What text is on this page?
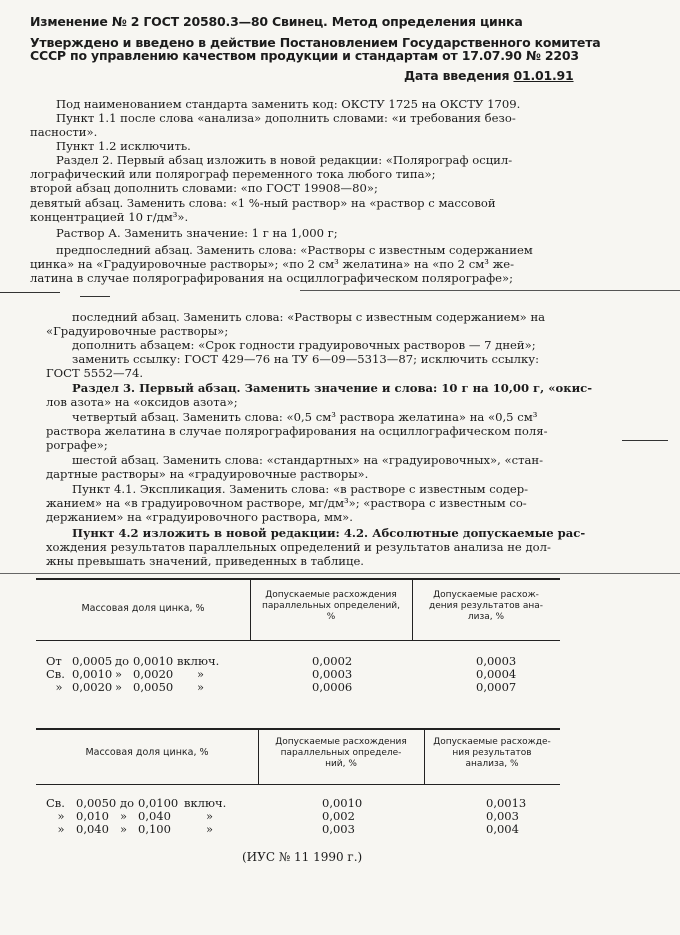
Изменение № 2 ГОСТ 20580.3—80 Свинец. Метод определения цинка
Утверждено и введено в действие Постановлением Государственного комитета
СССР по управлению качеством продукции и стандартам от 17.07.90 № 2203
Дата введения 01.01.91
Под наименованием стандарта заменить код: ОКСТУ 1725 на ОКСТУ 1709.
Пункт 1.1 после слова «анализа» дополнить словами: «и требования безо-
пасности».
Пункт 1.2 исключить.
Раздел 2. Первый абзац изложить в новой редакции: «Полярограф осцил-
лографический или полярограф переменного тока любого типа»;
второй абзац дополнить словами: «по ГОСТ 19908—80»;
девятый абзац. Заменить слова: «1 %-ный раствор» на «раствор с массовой
концентрацией 10 г/дм³».
Раствор А. Заменить значение: 1 г на 1,000 г;
предпоследний абзац. Заменить слова: «Растворы с известным содержанием
цинка» на «Градуировочные растворы»; «по 2 см³ желатина» на «по 2 см³ же-
латина в случае полярографирования на осциллографическом полярографе»;
последний абзац. Заменить слова: «Растворы с известным содержанием» на
«Градуировочные растворы»;
дополнить абзацем: «Срок годности градуировочных растворов — 7 дней»;
заменить ссылку: ГОСТ 429—76 на ТУ 6—09—5313—87; исключить ссылку:
ГОСТ 5552—74.
Раздел 3. Первый абзац. Заменить значение и слова: 10 г на 10,00 г, «окис-
лов азота» на «оксидов азота»;
четвертый абзац. Заменить слова: «0,5 см³ раствора желатина» на «0,5 см³
раствора желатина в случае полярографирования на осциллографическом поля-
рографе»;
шестой абзац. Заменить слова: «стандартных» на «градуировочных», «стан-
дартные растворы» на «градуировочные растворы».
Пункт 4.1. Экспликация. Заменить слова: «в растворе с известным содер-
жанием» на «в градуировочном растворе, мг/дм³»; «раствора с известным со-
держанием» на «градуировочного раствора, мм».
Пункт 4.2 изложить в новой редакции: 4.2. Абсолютные допускаемые рас-
хождения результатов параллельных определений и результатов анализа не дол-
жны превышать значений, приведенных в таблице.
Массовая доля цинка, %
Допускаемые расхождения
параллельных определений,
%
Допускаемые расхож-
дения результатов ана-
лиза, %
От 0,0005 до 0,0010 включ.
Св. 0,0010 » 0,0020 »
» 0,0020 » 0,0050 »
0,0002
0,0003
0,0006
0,0003
0,0004
0,0007
Массовая доля цинка, %
Допускаемые расхождения
параллельных определе-
ний, %
Допускаемые расхожде-
ния результатов
анализа, %
Св. 0,0050 до 0,0100 включ.
» 0,010 » 0,040	»
» 0,040 » 0,100	»
0,0010
0,002
0,003
0,0013
0,003
0,004
(ИУС № 11 1990 г.)
